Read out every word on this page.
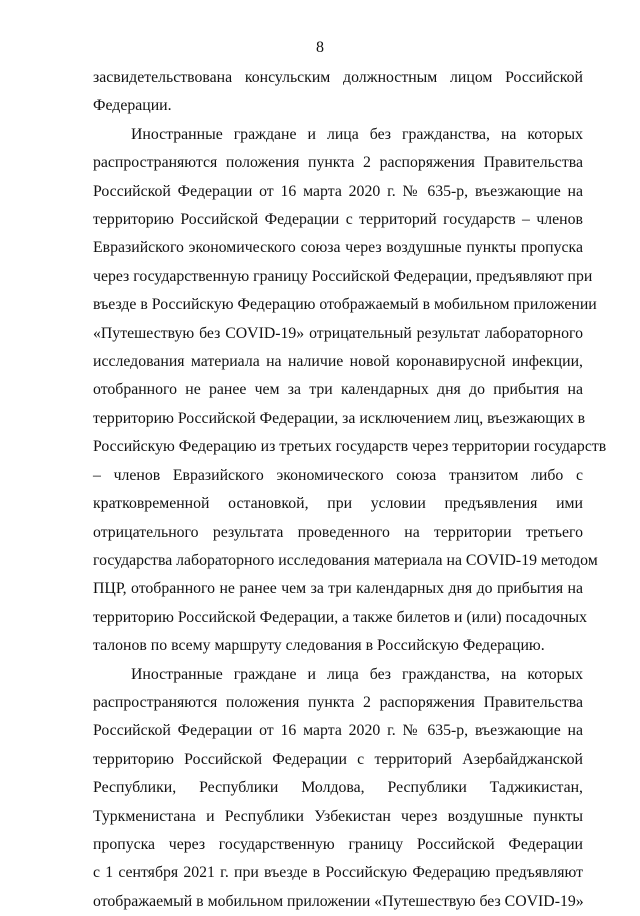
8
засвидетельствована консульским должностным лицом Российской
Федерации.
Иностранные граждане и лица без гражданства, на которых
распространяются положения пункта 2 распоряжения Правительства
Российской Федерации от 16 марта 2020 г. № 635-р, въезжающие на
территорию Российской Федерации с территорий государств – членов
Евразийского экономического союза через воздушные пункты пропуска
через государственную границу Российской Федерации, предъявляют при
въезде в Российскую Федерацию отображаемый в мобильном приложении
«Путешествую без COVID-19» отрицательный результат лабораторного
исследования материала на наличие новой коронавирусной инфекции,
отобранного не ранее чем за три календарных дня до прибытия на
территорию Российской Федерации, за исключением лиц, въезжающих в
Российскую Федерацию из третьих государств через территории государств
– членов Евразийского экономического союза транзитом либо с
кратковременной остановкой, при условии предъявления ими
отрицательного результата проведенного на территории третьего
государства лабораторного исследования материала на COVID-19 методом
ПЦР, отобранного не ранее чем за три календарных дня до прибытия на
территорию Российской Федерации, а также билетов и (или) посадочных
талонов по всему маршруту следования в Российскую Федерацию.
Иностранные граждане и лица без гражданства, на которых
распространяются положения пункта 2 распоряжения Правительства
Российской Федерации от 16 марта 2020 г. № 635-р, въезжающие на
территорию Российской Федерации с территорий Азербайджанской
Республики, Республики Молдова, Республики Таджикистан,
Туркменистана и Республики Узбекистан через воздушные пункты
пропуска через государственную границу Российской Федерации
с 1 сентября 2021 г. при въезде в Российскую Федерацию предъявляют
отображаемый в мобильном приложении «Путешествую без COVID-19»
